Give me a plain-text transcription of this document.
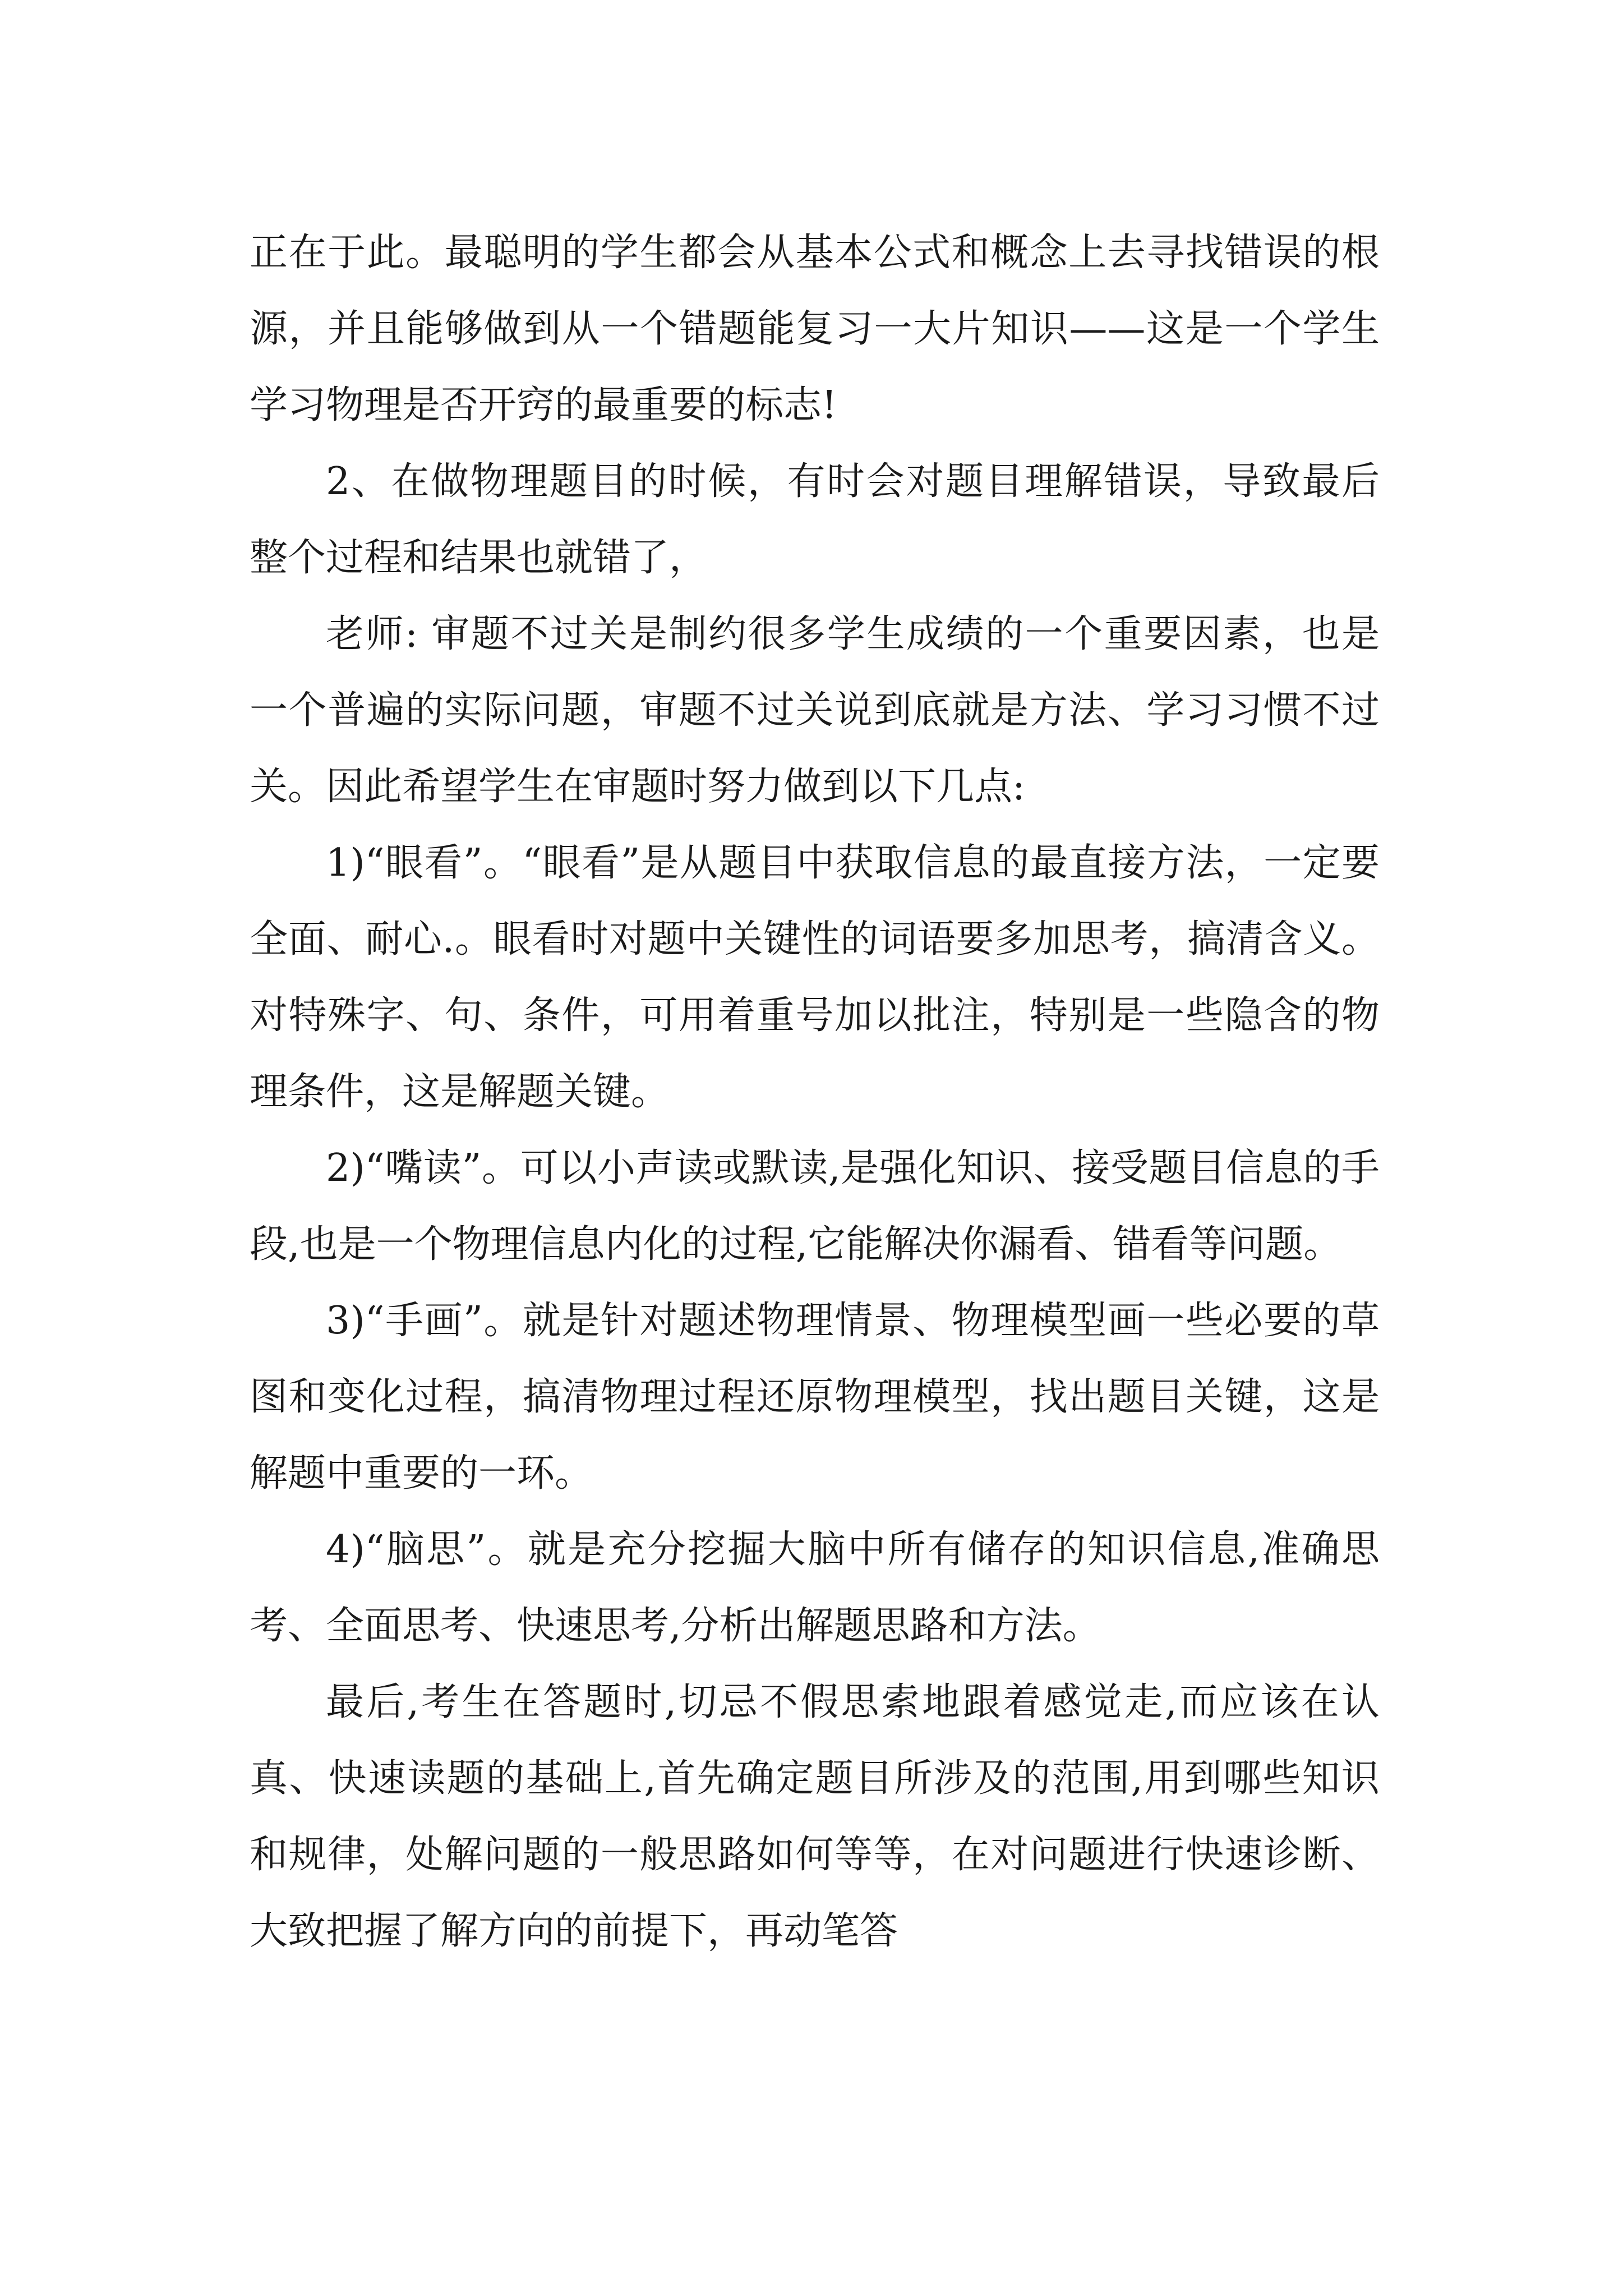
正在于此。最聪明的学生都会从基本公式和概念上去寻找错误的根源，并且能够做到从一个错题能复习一大片知识——这是一个学生学习物理是否开窍的最重要的标志!

2、在做物理题目的时候，有时会对题目理解错误，导致最后整个过程和结果也就错了，

老师: 审题不过关是制约很多学生成绩的一个重要因素，也是一个普遍的实际问题，审题不过关说到底就是方法、学习习惯不过关。因此希望学生在审题时努力做到以下几点:

1)“眼看”。“眼看”是从题目中获取信息的最直接方法，一定要全面、耐心.。眼看时对题中关键性的词语要多加思考，搞清含义。对特殊字、句、条件，可用着重号加以批注，特别是一些隐含的物理条件，这是解题关键。

2)“嘴读”。可以小声读或默读,是强化知识、接受题目信息的手段,也是一个物理信息内化的过程,它能解决你漏看、错看等问题。

3)“手画”。就是针对题述物理情景、物理模型画一些必要的草图和变化过程，搞清物理过程还原物理模型，找出题目关键，这是解题中重要的一环。

4)“脑思”。就是充分挖掘大脑中所有储存的知识信息,准确思考、全面思考、快速思考,分析出解题思路和方法。

最后,考生在答题时,切忌不假思索地跟着感觉走,而应该在认真、快速读题的基础上,首先确定题目所涉及的范围,用到哪些知识和规律，处解问题的一般思路如何等等，在对问题进行快速诊断、大致把握了解方向的前提下，再动笔答
